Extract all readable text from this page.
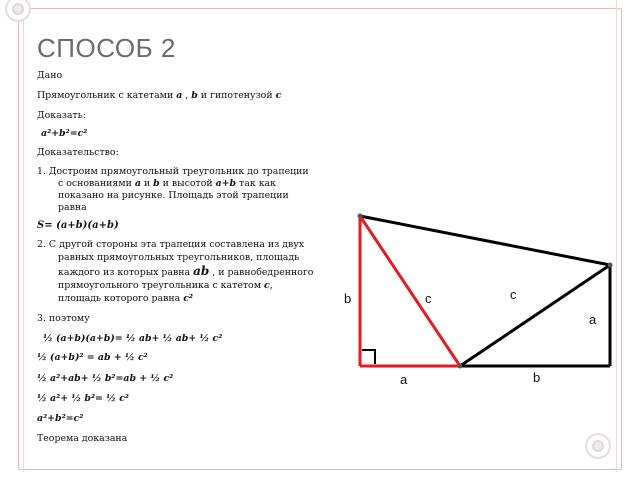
СПОСОБ 2
Дано
Прямоугольник с катетами a , b и гипотенузой c
Доказать:
a²+b²=c²
Доказательство:
1. Достроим прямоугольный треугольник до трапеции
с основаниями a и b и высотой a+b так как
показано на рисунке. Площадь этой трапеции
равна
S= (a+b)(a+b)
2. С другой стороны эта трапеция составлена из двух
равных прямоугольных треугольников, площадь
каждого из которых равна ab , и равнобедренного
прямоугольного треугольника с катетом c,
площадь которого равна c²
3. поэтому
½ (a+b)(a+b)= ½ ab+ ½ ab+ ½ c²
½ (a+b)² = ab + ½ c²
½ a²+ab+ ½ b²=ab + ½ c²
½ a²+ ½ b²= ½ c²
a²+b²=c²
Теорема доказана
b	c	c
a
a	b
